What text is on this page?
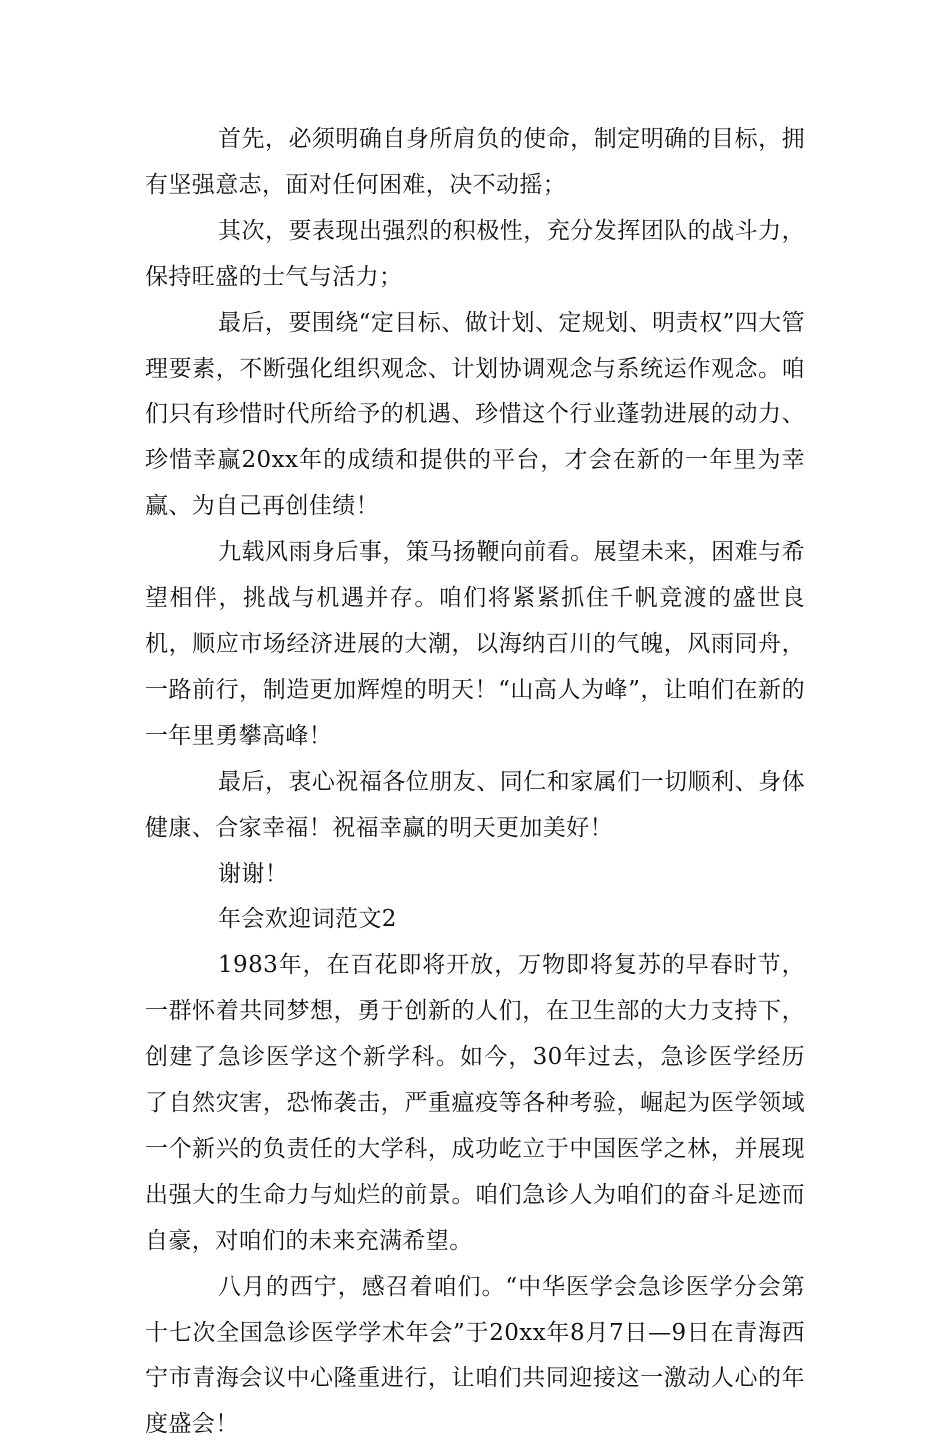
首先，必须明确自身所肩负的使命，制定明确的目标，拥有坚强意志，面对任何困难，决不动摇；

其次，要表现出强烈的积极性，充分发挥团队的战斗力，保持旺盛的士气与活力；

最后，要围绕“定目标、做计划、定规划、明责权”四大管理要素，不断强化组织观念、计划协调观念与系统运作观念。咱们只有珍惜时代所给予的机遇、珍惜这个行业蓬勃进展的动力、珍惜幸赢20xx年的成绩和提供的平台，才会在新的一年里为幸赢、为自己再创佳绩！

九载风雨身后事，策马扬鞭向前看。展望未来，困难与希望相伴，挑战与机遇并存。咱们将紧紧抓住千帆竞渡的盛世良机，顺应市场经济进展的大潮，以海纳百川的气魄，风雨同舟，一路前行，制造更加辉煌的明天！“山高人为峰”，让咱们在新的一年里勇攀高峰！

最后，衷心祝福各位朋友、同仁和家属们一切顺利、身体健康、合家幸福！祝福幸赢的明天更加美好！

谢谢！

年会欢迎词范文2

1983年，在百花即将开放，万物即将复苏的早春时节，一群怀着共同梦想，勇于创新的人们，在卫生部的大力支持下，创建了急诊医学这个新学科。如今，30年过去，急诊医学经历了自然灾害，恐怖袭击，严重瘟疫等各种考验，崛起为医学领域一个新兴的负责任的大学科，成功屹立于中国医学之林，并展现出强大的生命力与灿烂的前景。咱们急诊人为咱们的奋斗足迹而自豪，对咱们的未来充满希望。

八月的西宁，感召着咱们。“中华医学会急诊医学分会第十七次全国急诊医学学术年会”于20xx年8月7日—9日在青海西宁市青海会议中心隆重进行，让咱们共同迎接这一激动人心的年度盛会！
